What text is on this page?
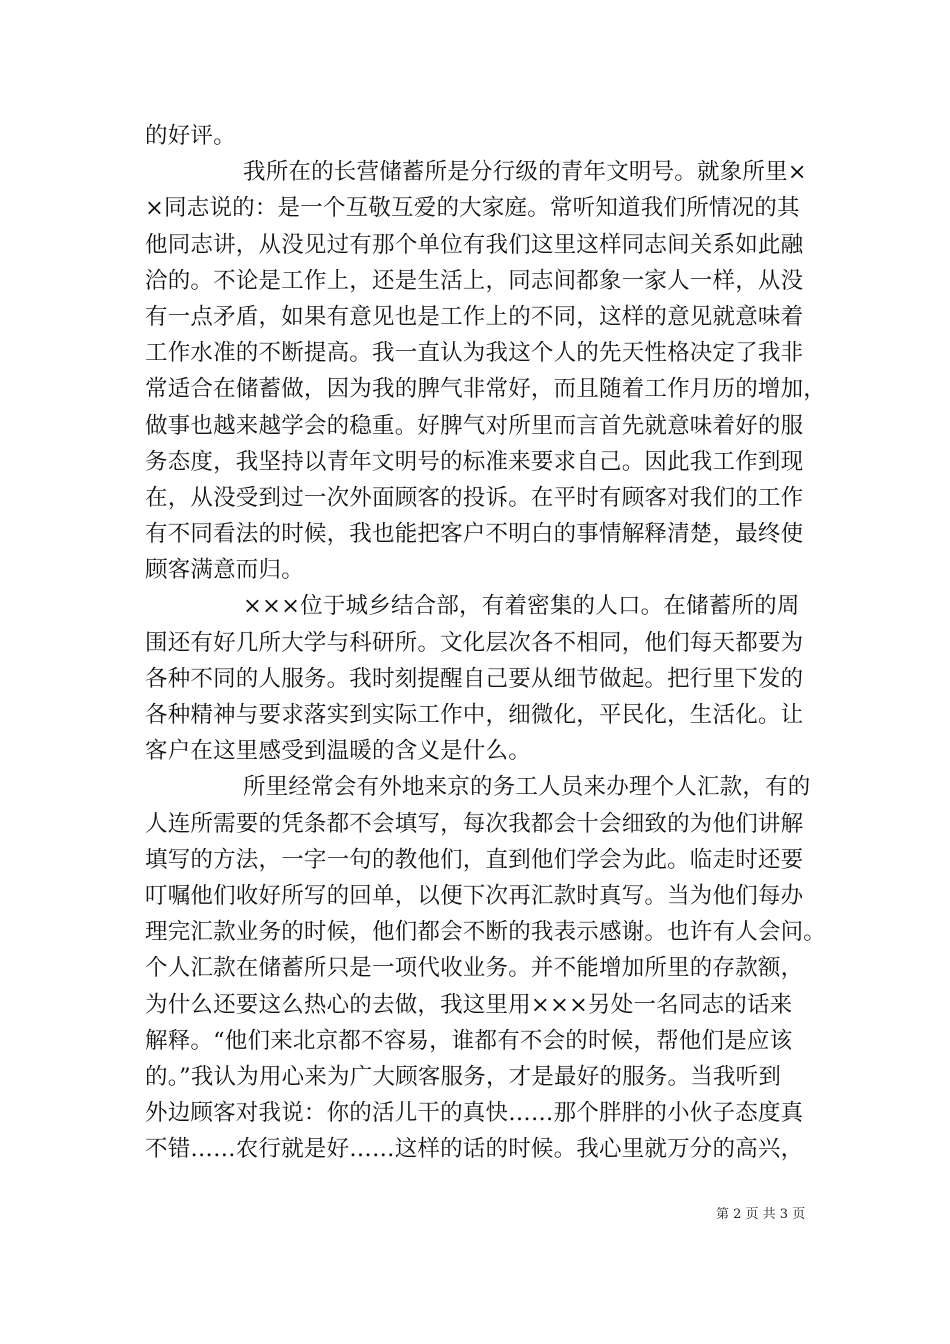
的好评。
我所在的长营储蓄所是分行级的青年文明号。就象所里×
×同志说的：是一个互敬互爱的大家庭。常听知道我们所情况的其
他同志讲，从没见过有那个单位有我们这里这样同志间关系如此融
洽的。不论是工作上，还是生活上，同志间都象一家人一样，从没
有一点矛盾，如果有意见也是工作上的不同，这样的意见就意味着
工作水准的不断提高。我一直认为我这个人的先天性格决定了我非
常适合在储蓄做，因为我的脾气非常好，而且随着工作月历的增加，
做事也越来越学会的稳重。好脾气对所里而言首先就意味着好的服
务态度，我坚持以青年文明号的标准来要求自己。因此我工作到现
在，从没受到过一次外面顾客的投诉。在平时有顾客对我们的工作
有不同看法的时候，我也能把客户不明白的事情解释清楚，最终使
顾客满意而归。
×××位于城乡结合部，有着密集的人口。在储蓄所的周
围还有好几所大学与科研所。文化层次各不相同，他们每天都要为
各种不同的人服务。我时刻提醒自己要从细节做起。把行里下发的
各种精神与要求落实到实际工作中，细微化，平民化，生活化。让
客户在这里感受到温暖的含义是什么。
所里经常会有外地来京的务工人员来办理个人汇款，有的
人连所需要的凭条都不会填写，每次我都会十会细致的为他们讲解
填写的方法，一字一句的教他们，直到他们学会为此。临走时还要
叮嘱他们收好所写的回单，以便下次再汇款时真写。当为他们每办
理完汇款业务的时候，他们都会不断的我表示感谢。也许有人会问。
个人汇款在储蓄所只是一项代收业务。并不能增加所里的存款额，
为什么还要这么热心的去做，我这里用×××另处一名同志的话来
解释。“他们来北京都不容易，谁都有不会的时候，帮他们是应该
的。”我认为用心来为广大顾客服务，才是最好的服务。当我听到
外边顾客对我说：你的活儿干的真快……那个胖胖的小伙子态度真
不错……农行就是好……这样的话的时候。我心里就万分的高兴，
第 2 页 共 3 页
